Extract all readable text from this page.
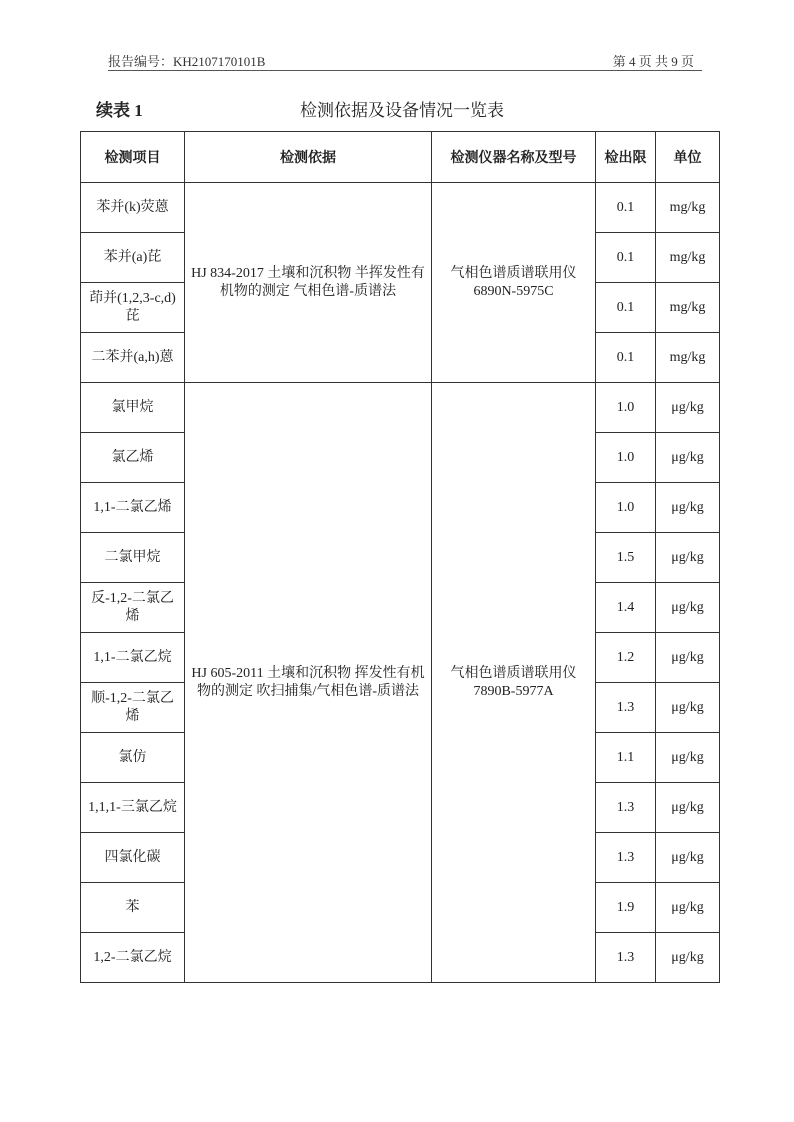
报告编号：KH2107170101B	第 4 页 共 9 页
续表 1	检测依据及设备情况一览表
检测项目	检测依据	检测仪器名称及型号	检出限	单位
苯并(k)荧蒽	HJ 834-2017 土壤和沉积物 半挥发性有机物的测定 气相色谱-质谱法	气相色谱质谱联用仪 6890N-5975C	0.1	mg/kg
苯并(a)芘			0.1	mg/kg
茚并(1,2,3-c,d)芘			0.1	mg/kg
二苯并(a,h)蒽			0.1	mg/kg
氯甲烷	HJ 605-2011 土壤和沉积物 挥发性有机物的测定 吹扫捕集/气相色谱-质谱法	气相色谱质谱联用仪 7890B-5977A	1.0	μg/kg
氯乙烯			1.0	μg/kg
1,1-二氯乙烯			1.0	μg/kg
二氯甲烷			1.5	μg/kg
反-1,2-二氯乙烯			1.4	μg/kg
1,1-二氯乙烷			1.2	μg/kg
顺-1,2-二氯乙烯			1.3	μg/kg
氯仿			1.1	μg/kg
1,1,1-三氯乙烷			1.3	μg/kg
四氯化碳			1.3	μg/kg
苯			1.9	μg/kg
1,2-二氯乙烷			1.3	μg/kg
